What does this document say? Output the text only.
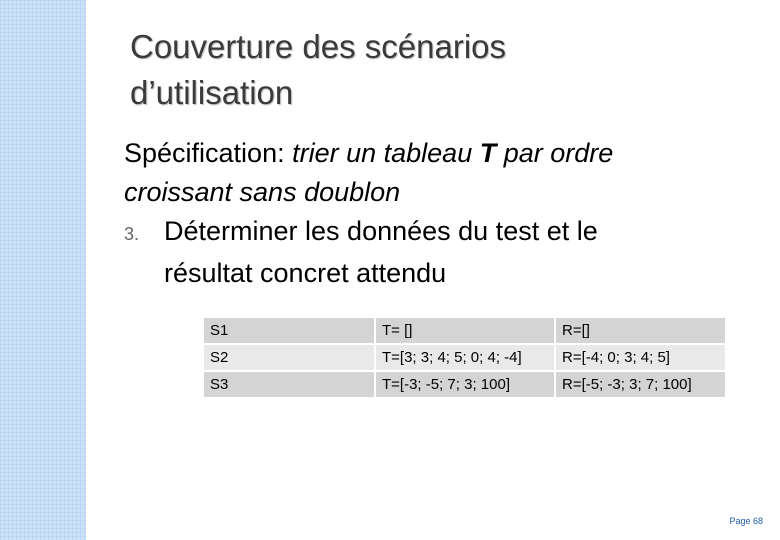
Couverture des scénarios
d’utilisation
Spécification: trier un tableau T par ordre
croissant sans doublon
3. Déterminer les données du test et le
résultat concret attendu
S1	T= []	R=[]
S2	T=[3; 3; 4; 5; 0; 4; -4]	R=[-4; 0; 3; 4; 5]
S3	T=[-3; -5; 7; 3; 100]	R=[-5; -3; 3; 7; 100]
Page 68
